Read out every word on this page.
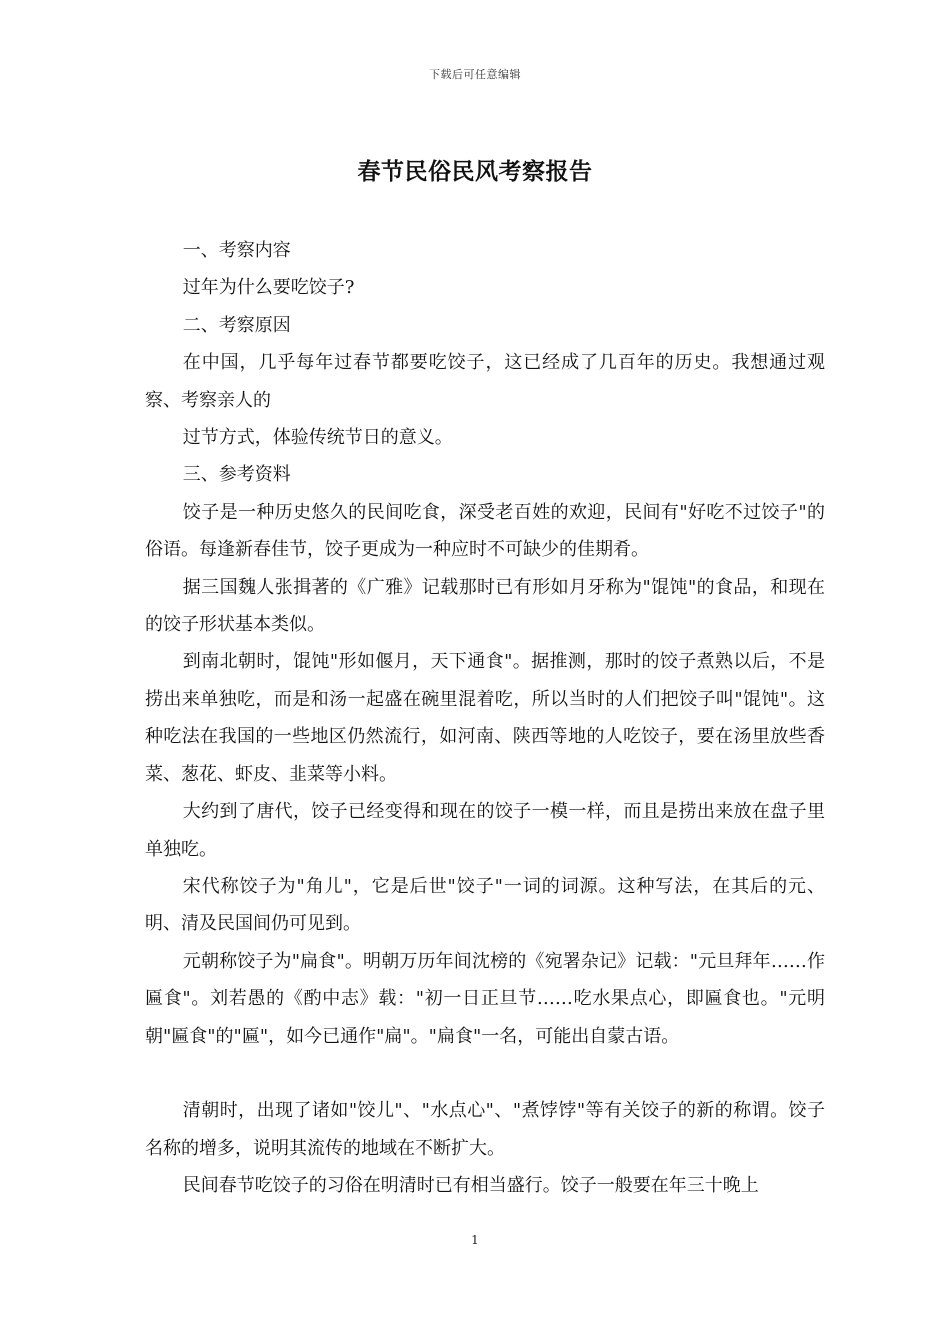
下载后可任意编辑
春节民俗民风考察报告

一、考察内容

过年为什么要吃饺子?

二、考察原因

在中国，几乎每年过春节都要吃饺子，这已经成了几百年的历史。我想通过观察、考察亲人的

过节方式，体验传统节日的意义。

三、参考资料

饺子是一种历史悠久的民间吃食，深受老百姓的欢迎，民间有"好吃不过饺子"的俗语。每逢新春佳节，饺子更成为一种应时不可缺少的佳期肴。

据三国魏人张揖著的《广雅》记载那时已有形如月牙称为"馄饨"的食品，和现在的饺子形状基本类似。

到南北朝时，馄饨"形如偃月，天下通食"。据推测，那时的饺子煮熟以后，不是捞出来单独吃，而是和汤一起盛在碗里混着吃，所以当时的人们把饺子叫"馄饨"。这种吃法在我国的一些地区仍然流行，如河南、陕西等地的人吃饺子，要在汤里放些香菜、葱花、虾皮、韭菜等小料。

大约到了唐代，饺子已经变得和现在的饺子一模一样，而且是捞出来放在盘子里单独吃。

宋代称饺子为"角儿"，它是后世"饺子"一词的词源。这种写法，在其后的元、明、清及民国间仍可见到。

元朝称饺子为"扁食"。明朝万历年间沈榜的《宛署杂记》记载："元旦拜年……作匾食"。刘若愚的《酌中志》载："初一日正旦节……吃水果点心，即匾食也。"元明朝"匾食"的"匾"，如今已通作"扁"。"扁食"一名，可能出自蒙古语。

清朝时，出现了诸如"饺儿"、"水点心"、"煮饽饽"等有关饺子的新的称谓。饺子名称的增多，说明其流传的地域在不断扩大。

民间春节吃饺子的习俗在明清时已有相当盛行。饺子一般要在年三十晚上

1
